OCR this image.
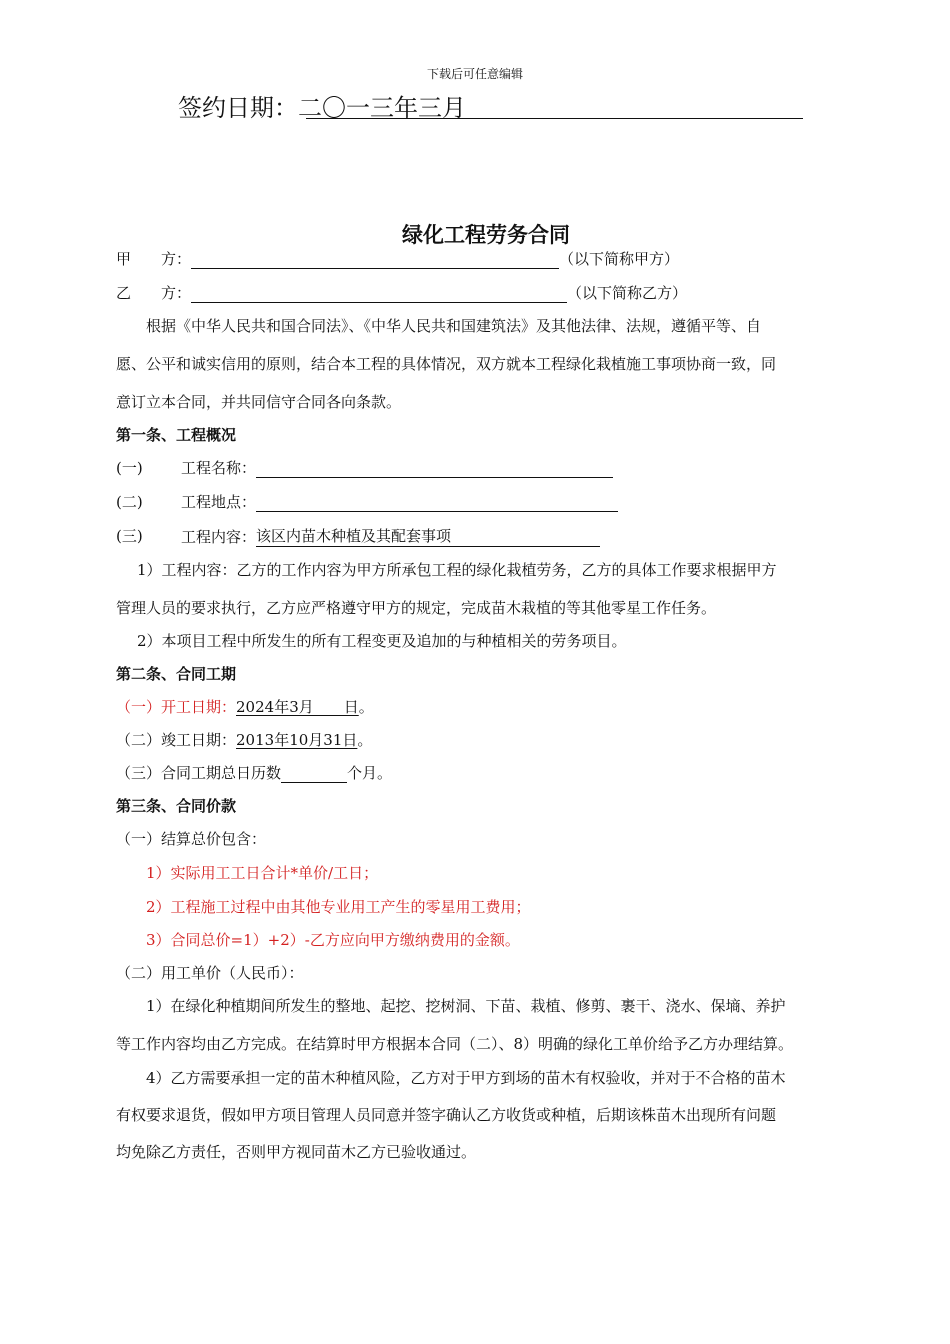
下载后可任意编辑
签约日期：二〇一三年三月
绿化工程劳务合同
甲　　方：	（以下简称甲方）
乙　　方：	（以下简称乙方）
根据《中华人民共和国合同法》、《中华人民共和国建筑法》及其他法律、法规，遵循平等、自
愿、公平和诚实信用的原则，结合本工程的具体情况，双方就本工程绿化栽植施工事项协商一致，同
意订立本合同，并共同信守合同各向条款。
第一条、工程概况
(一)	工程名称：
(二)	工程地点：
(三)	工程内容：该区内苗木种植及其配套事项
1）工程内容：乙方的工作内容为甲方所承包工程的绿化栽植劳务，乙方的具体工作要求根据甲方
管理人员的要求执行，乙方应严格遵守甲方的规定，完成苗木栽植的等其他零星工作任务。
2）本项目工程中所发生的所有工程变更及追加的与种植相关的劳务项目。
第二条、合同工期
（一）开工日期：2024年3月　　日。
（二）竣工日期：2013年10月31日。
（三）合同工期总日历数	个月。
第三条、合同价款
（一）结算总价包含：
1）实际用工工日合计*单价/工日；
2）工程施工过程中由其他专业用工产生的零星用工费用；
3）合同总价=1）+2）-乙方应向甲方缴纳费用的金额。
（二）用工单价（人民币）：
1）在绿化种植期间所发生的整地、起挖、挖树洞、下苗、栽植、修剪、裹干、浇水、保墒、养护
等工作内容均由乙方完成。在结算时甲方根据本合同（二）、8）明确的绿化工单价给予乙方办理结算。
4）乙方需要承担一定的苗木种植风险，乙方对于甲方到场的苗木有权验收，并对于不合格的苗木
有权要求退货，假如甲方项目管理人员同意并签字确认乙方收货或种植，后期该株苗木出现所有问题
均免除乙方责任，否则甲方视同苗木乙方已验收通过。
